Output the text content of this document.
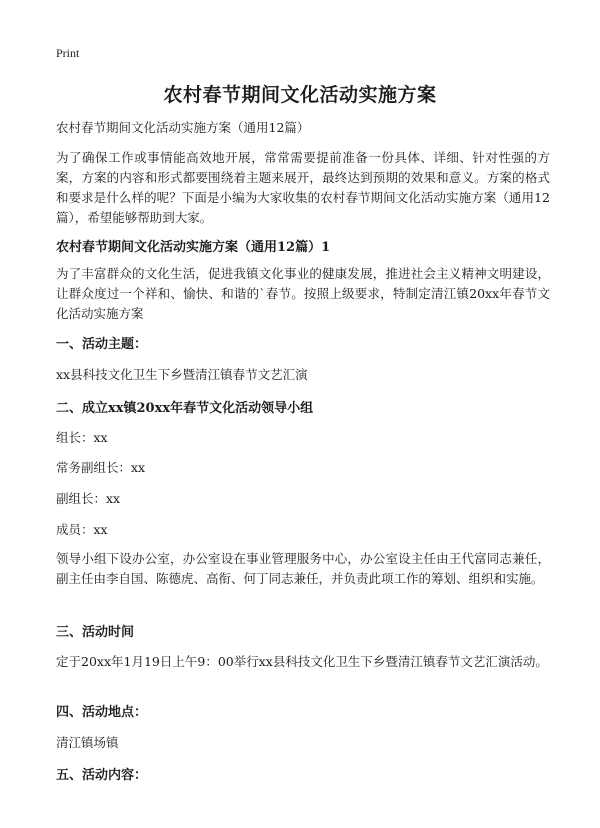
Print
农村春节期间文化活动实施方案

农村春节期间文化活动实施方案（通用12篇）

为了确保工作或事情能高效地开展，常常需要提前准备一份具体、详细、针对性强的方案，方案的内容和形式都要围绕着主题来展开，最终达到预期的效果和意义。方案的格式和要求是什么样的呢？下面是小编为大家收集的农村春节期间文化活动实施方案（通用12篇），希望能够帮助到大家。

农村春节期间文化活动实施方案（通用12篇）1

为了丰富群众的文化生活，促进我镇文化事业的健康发展，推进社会主义精神文明建设，让群众度过一个祥和、愉快、和谐的`春节。按照上级要求，特制定清江镇20xx年春节文化活动实施方案

一、活动主题：

xx县科技文化卫生下乡暨清江镇春节文艺汇演

二、成立xx镇20xx年春节文化活动领导小组

组长：xx

常务副组长：xx

副组长：xx

成员：xx

领导小组下设办公室，办公室设在事业管理服务中心，办公室设主任由王代富同志兼任，副主任由李自国、陈德虎、高衔、何丁同志兼任，并负责此项工作的筹划、组织和实施。

三、活动时间

定于20xx年1月19日上午9：00举行xx县科技文化卫生下乡暨清江镇春节文艺汇演活动。

四、活动地点：

清江镇场镇

五、活动内容：
